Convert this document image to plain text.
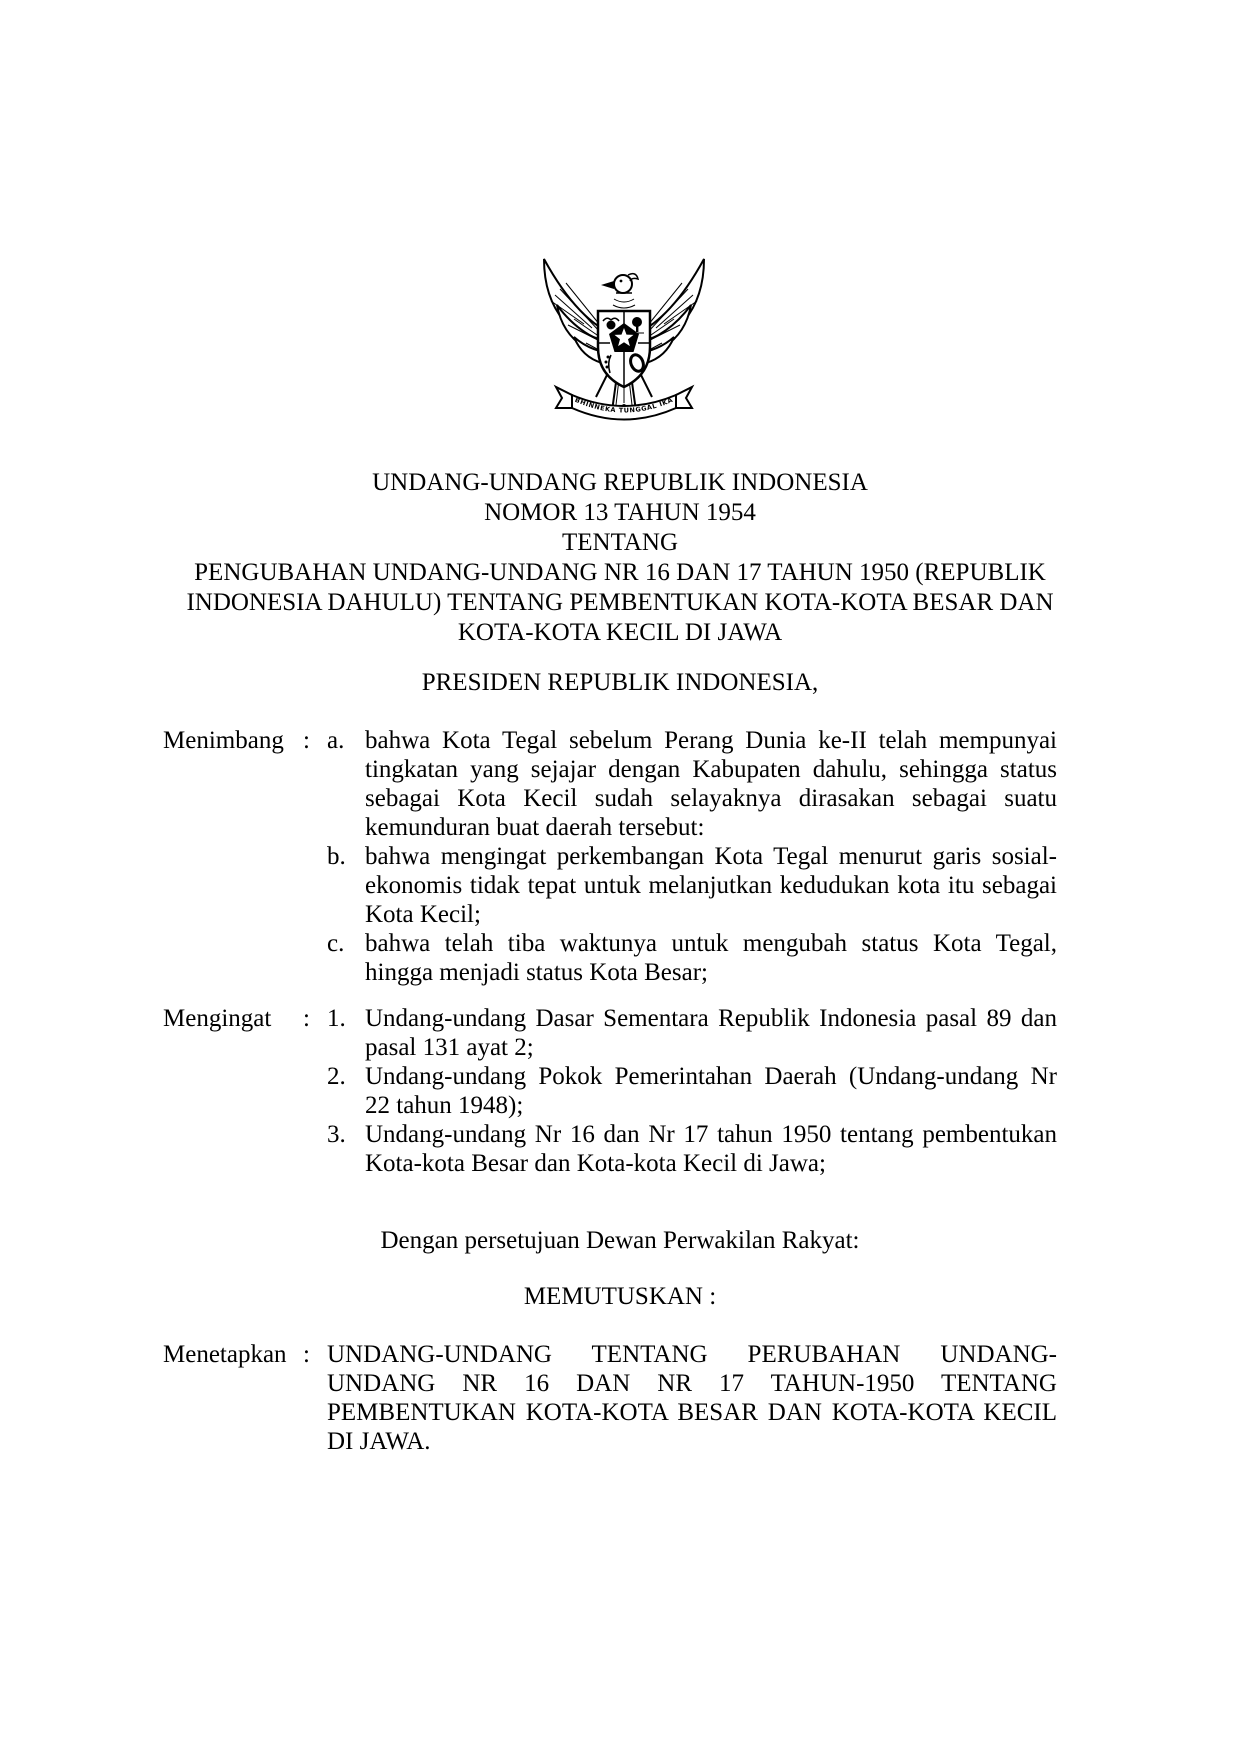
BHINNEKA TUNGGAL IKA
UNDANG-UNDANG REPUBLIK INDONESIA
NOMOR 13 TAHUN 1954
TENTANG
PENGUBAHAN UNDANG-UNDANG NR 16 DAN 17 TAHUN 1950 (REPUBLIK INDONESIA DAHULU) TENTANG PEMBENTUKAN KOTA-KOTA BESAR DAN KOTA-KOTA KECIL DI JAWA
PRESIDEN REPUBLIK INDONESIA,
Menimbang : a. bahwa Kota Tegal sebelum Perang Dunia ke-II telah mempunyai tingkatan yang sejajar dengan Kabupaten dahulu, sehingga status sebagai Kota Kecil sudah selayaknya dirasakan sebagai suatu kemunduran buat daerah tersebut:
b. bahwa mengingat perkembangan Kota Tegal menurut garis sosial-ekonomis tidak tepat untuk melanjutkan kedudukan kota itu sebagai Kota Kecil;
c. bahwa telah tiba waktunya untuk mengubah status Kota Tegal, hingga menjadi status Kota Besar;
Mengingat	: 1. Undang-undang Dasar Sementara Republik Indonesia pasal 89 dan pasal 131 ayat 2;
2. Undang-undang Pokok Pemerintahan Daerah (Undang-undang Nr 22 tahun 1948);
3. Undang-undang Nr 16 dan Nr 17 tahun 1950 tentang pembentukan Kota-kota Besar dan Kota-kota Kecil di Jawa;
Dengan persetujuan Dewan Perwakilan Rakyat:
MEMUTUSKAN :
Menetapkan : UNDANG-UNDANG TENTANG PERUBAHAN UNDANG-UNDANG NR 16 DAN NR 17 TAHUN-1950 TENTANG PEMBENTUKAN KOTA-KOTA BESAR DAN KOTA-KOTA KECIL DI JAWA.
